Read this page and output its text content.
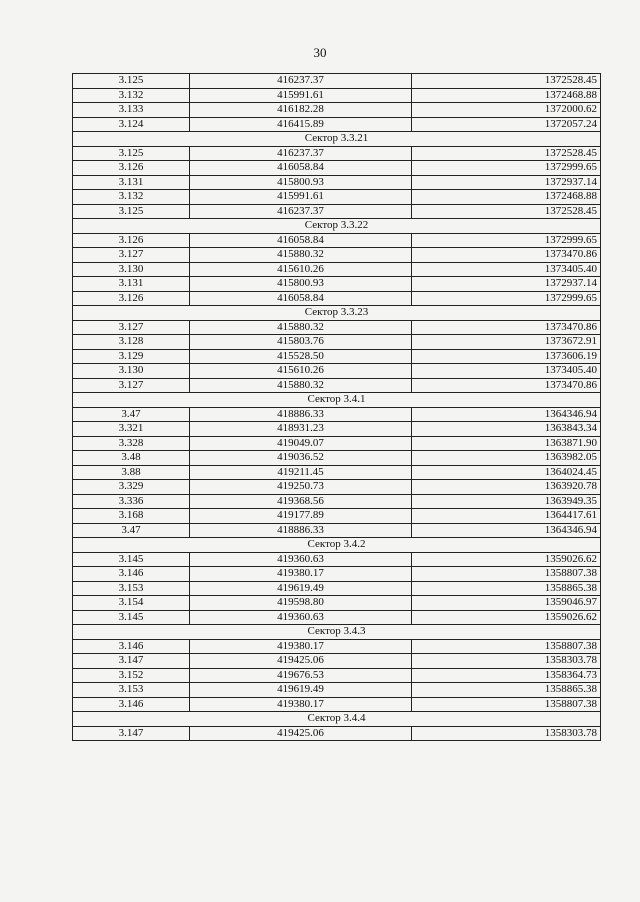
30
3.125	416237.37	1372528.45
3.132	415991.61	1372468.88
3.133	416182.28	1372000.62
3.124	416415.89	1372057.24
Сектор 3.3.21		
3.125	416237.37	1372528.45
3.126	416058.84	1372999.65
3.131	415800.93	1372937.14
3.132	415991.61	1372468.88
3.125	416237.37	1372528.45
Сектор 3.3.22		
3.126	416058.84	1372999.65
3.127	415880.32	1373470.86
3.130	415610.26	1373405.40
3.131	415800.93	1372937.14
3.126	416058.84	1372999.65
Сектор 3.3.23		
3.127	415880.32	1373470.86
3.128	415803.76	1373672.91
3.129	415528.50	1373606.19
3.130	415610.26	1373405.40
3.127	415880.32	1373470.86
Сектор 3.4.1		
3.47	418886.33	1364346.94
3.321	418931.23	1363843.34
3.328	419049.07	1363871.90
3.48	419036.52	1363982.05
3.88	419211.45	1364024.45
3.329	419250.73	1363920.78
3.336	419368.56	1363949.35
3.168	419177.89	1364417.61
3.47	418886.33	1364346.94
Сектор 3.4.2		
3.145	419360.63	1359026.62
3.146	419380.17	1358807.38
3.153	419619.49	1358865.38
3.154	419598.80	1359046.97
3.145	419360.63	1359026.62
Сектор 3.4.3		
3.146	419380.17	1358807.38
3.147	419425.06	1358303.78
3.152	419676.53	1358364.73
3.153	419619.49	1358865.38
3.146	419380.17	1358807.38
Сектор 3.4.4		
3.147	419425.06	1358303.78
